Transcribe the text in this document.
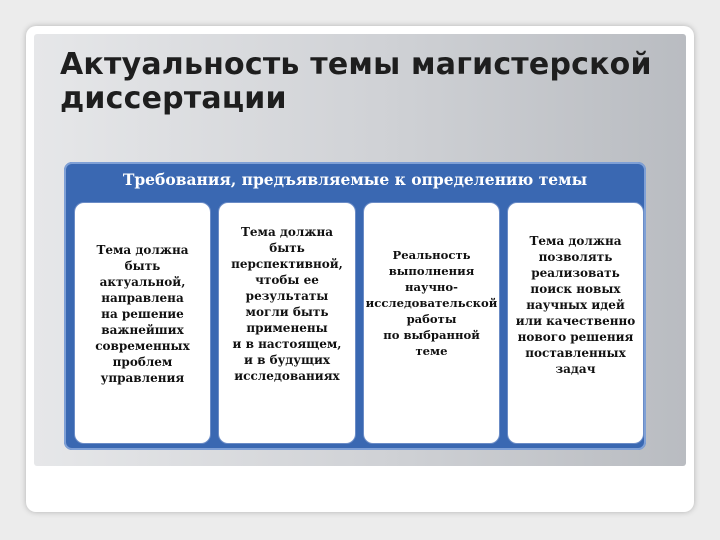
Актуальность темы магистерской диссертации
Требования, предъявляемые к определению темы
Тема должна
быть
актуальной,
направлена
на решение
важнейших
современных
проблем
управления
Тема должна
быть
перспективной,
чтобы ее
результаты
могли быть
применены
и в настоящем,
и в будущих
исследованиях
Реальность
выполнения
научно-
исследовательской
работы
по выбранной
теме
Тема должна
позволять
реализовать
поиск новых
научных идей
или качественно
нового решения
поставленных
задач
